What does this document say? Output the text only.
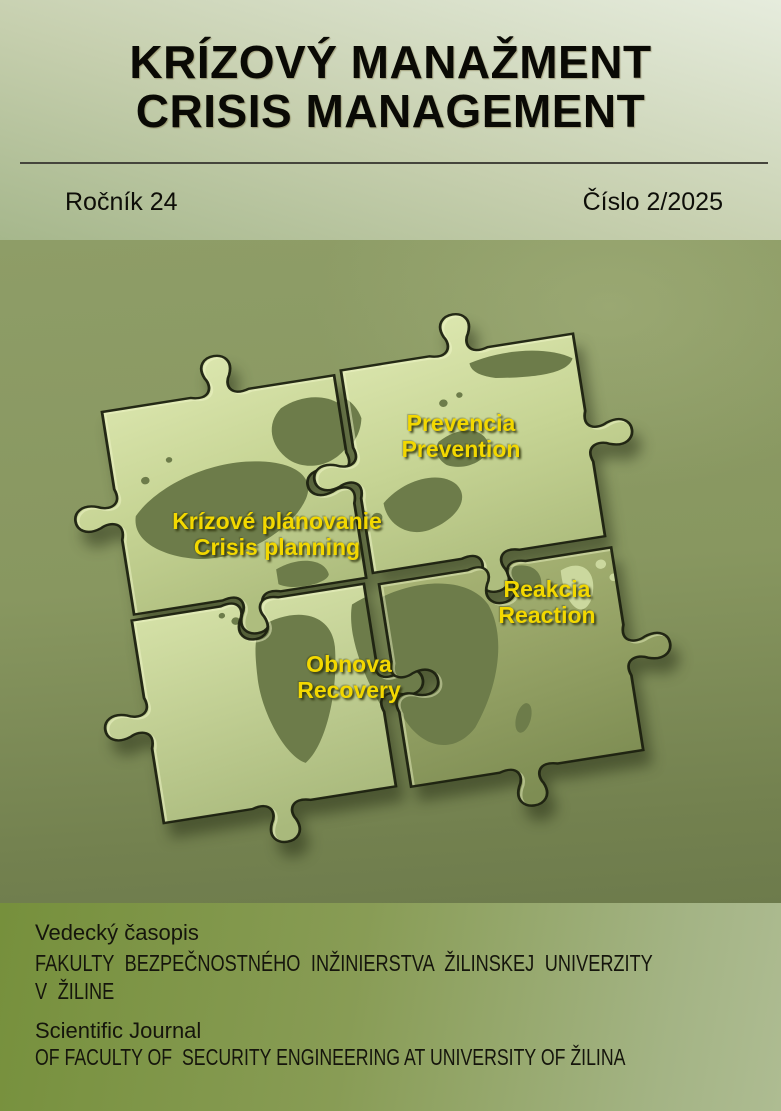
KRÍZOVÝ MANAŽMENT
CRISIS MANAGEMENT
Ročník 24	Číslo 2/2025
Prevencia
Prevention
Krízové plánovanie
Crisis planning
Reakcia
Reaction
Obnova
Recovery
Vedecký časopis
FAKULTY BEZPEČNOSTNÉHO INŽINIERSTVA ŽILINSKEJ UNIVERZITY
V ŽILINE
Scientific Journal
OF FACULTY OF  SECURITY ENGINEERING AT UNIVERSITY OF ŽILINA
